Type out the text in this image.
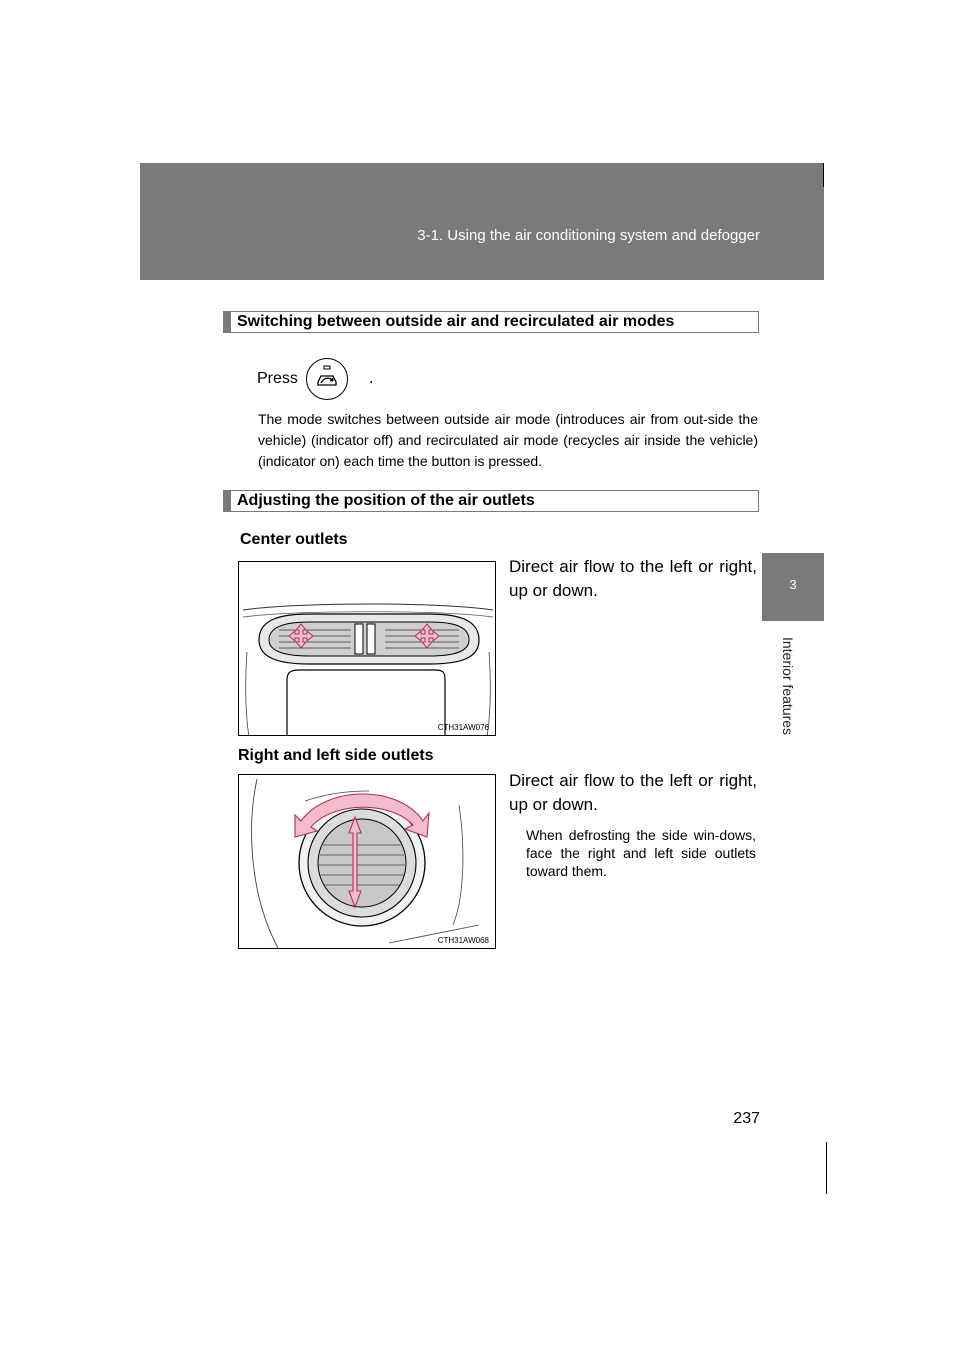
3-1. Using the air conditioning system and defogger
3
Interior features
Switching between outside air and recirculated air modes
Press	.
The mode switches between outside air mode (introduces air from out-side the vehicle) (indicator off) and recirculated air mode (recycles air inside the vehicle) (indicator on) each time the button is pressed.
Adjusting the position of the air outlets
Center outlets
CTH31AW076
Direct air flow to the left or right, up or down.
Right and left side outlets
CTH31AW068
Direct air flow to the left or right, up or down.
When defrosting the side win-dows, face the right and left side outlets toward them.
237
